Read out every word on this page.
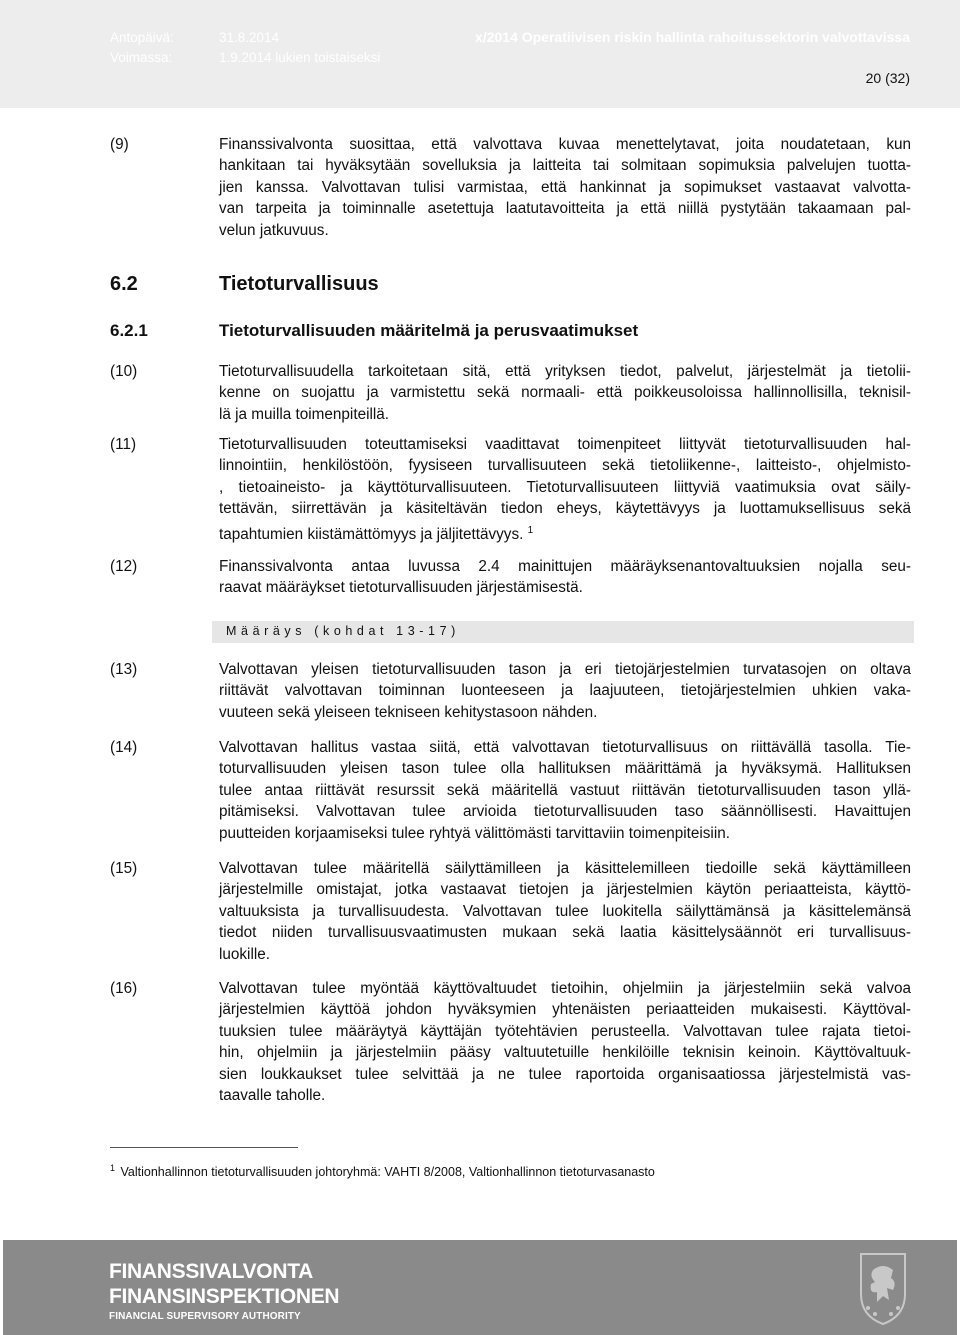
Antopäivä:	31.8.2014
Voimassa:	1.9.2014 lukien toistaiseksi
x/2014 Operatiivisen riskin hallinta rahoitussektorin valvottavissa
20 (32)
(9)	Finanssivalvonta suosittaa, että valvottava kuvaa menettelytavat, joita noudatetaan, kun
hankitaan tai hyväksytään sovelluksia ja laitteita tai solmitaan sopimuksia palvelujen tuotta-
jien kanssa. Valvottavan tulisi varmistaa, että hankinnat ja sopimukset vastaavat valvotta-
van tarpeita ja toiminnalle asetettuja laatutavoitteita ja että niillä pystytään takaamaan pal-
velun jatkuvuus.
6.2	Tietoturvallisuus
6.2.1	Tietoturvallisuuden määritelmä ja perusvaatimukset
(10)	Tietoturvallisuudella tarkoitetaan sitä, että yrityksen tiedot, palvelut, järjestelmät ja tietolii-
kenne on suojattu ja varmistettu sekä normaali- että poikkeusoloissa hallinnollisilla, teknisil-
lä ja muilla toimenpiteillä.
(11)	Tietoturvallisuuden toteuttamiseksi vaadittavat toimenpiteet liittyvät tietoturvallisuuden hal-
linnointiin, henkilöstöön, fyysiseen turvallisuuteen sekä tietoliikenne-, laitteisto-, ohjelmisto-
, tietoaineisto- ja käyttöturvallisuuteen. Tietoturvallisuuteen liittyviä vaatimuksia ovat säily-
tettävän, siirrettävän ja käsiteltävän tiedon eheys, käytettävyys ja luottamuksellisuus sekä
tapahtumien kiistämättömyys ja jäljitettävyys. $^1$
(12)	Finanssivalvonta antaa luvussa 2.4 mainittujen määräyksenantovaltuuksien nojalla seu-
raavat määräykset tietoturvallisuuden järjestämisestä.
Määräys (kohdat 13-17)
(13)	Valvottavan yleisen tietoturvallisuuden tason ja eri tietojärjestelmien turvatasojen on oltava
riittävät valvottavan toiminnan luonteeseen ja laajuuteen, tietojärjestelmien uhkien vaka-
vuuteen sekä yleiseen tekniseen kehitystasoon nähden.
(14)	Valvottavan hallitus vastaa siitä, että valvottavan tietoturvallisuus on riittävällä tasolla. Tie-
toturvallisuuden yleisen tason tulee olla hallituksen määrittämä ja hyväksymä. Hallituksen
tulee antaa riittävät resurssit sekä määritellä vastuut riittävän tietoturvallisuuden tason yllä-
pitämiseksi. Valvottavan tulee arvioida tietoturvallisuuden taso säännöllisesti. Havaittujen
puutteiden korjaamiseksi tulee ryhtyä välittömästi tarvittaviin toimenpiteisiin.
(15)	Valvottavan tulee määritellä säilyttämilleen ja käsittelemilleen tiedoille sekä käyttämilleen
järjestelmille omistajat, jotka vastaavat tietojen ja järjestelmien käytön periaatteista, käyttö-
valtuuksista ja turvallisuudesta. Valvottavan tulee luokitella säilyttämänsä ja käsittelemänsä
tiedot niiden turvallisuusvaatimusten mukaan sekä laatia käsittelysäännöt eri turvallisuus-
luokille.
(16)	Valvottavan tulee myöntää käyttövaltuudet tietoihin, ohjelmiin ja järjestelmiin sekä valvoa
järjestelmien käyttöä johdon hyväksymien yhtenäisten periaatteiden mukaisesti. Käyttöval-
tuuksien tulee määräytyä käyttäjän työtehtävien perusteella. Valvottavan tulee rajata tietoi-
hin, ohjelmiin ja järjestelmiin pääsy valtuutetuille henkilöille teknisin keinoin. Käyttövaltuuk-
sien loukkaukset tulee selvittää ja ne tulee raportoida organisaatiossa järjestelmistä vas-
taavalle taholle.
$^1$ Valtionhallinnon tietoturvallisuuden johtoryhmä: VAHTI 8/2008, Valtionhallinnon tietoturvasanasto
FINANSSIVALVONTA
FINANSINSPEKTIONEN
FINANCIAL SUPERVISORY AUTHORITY
